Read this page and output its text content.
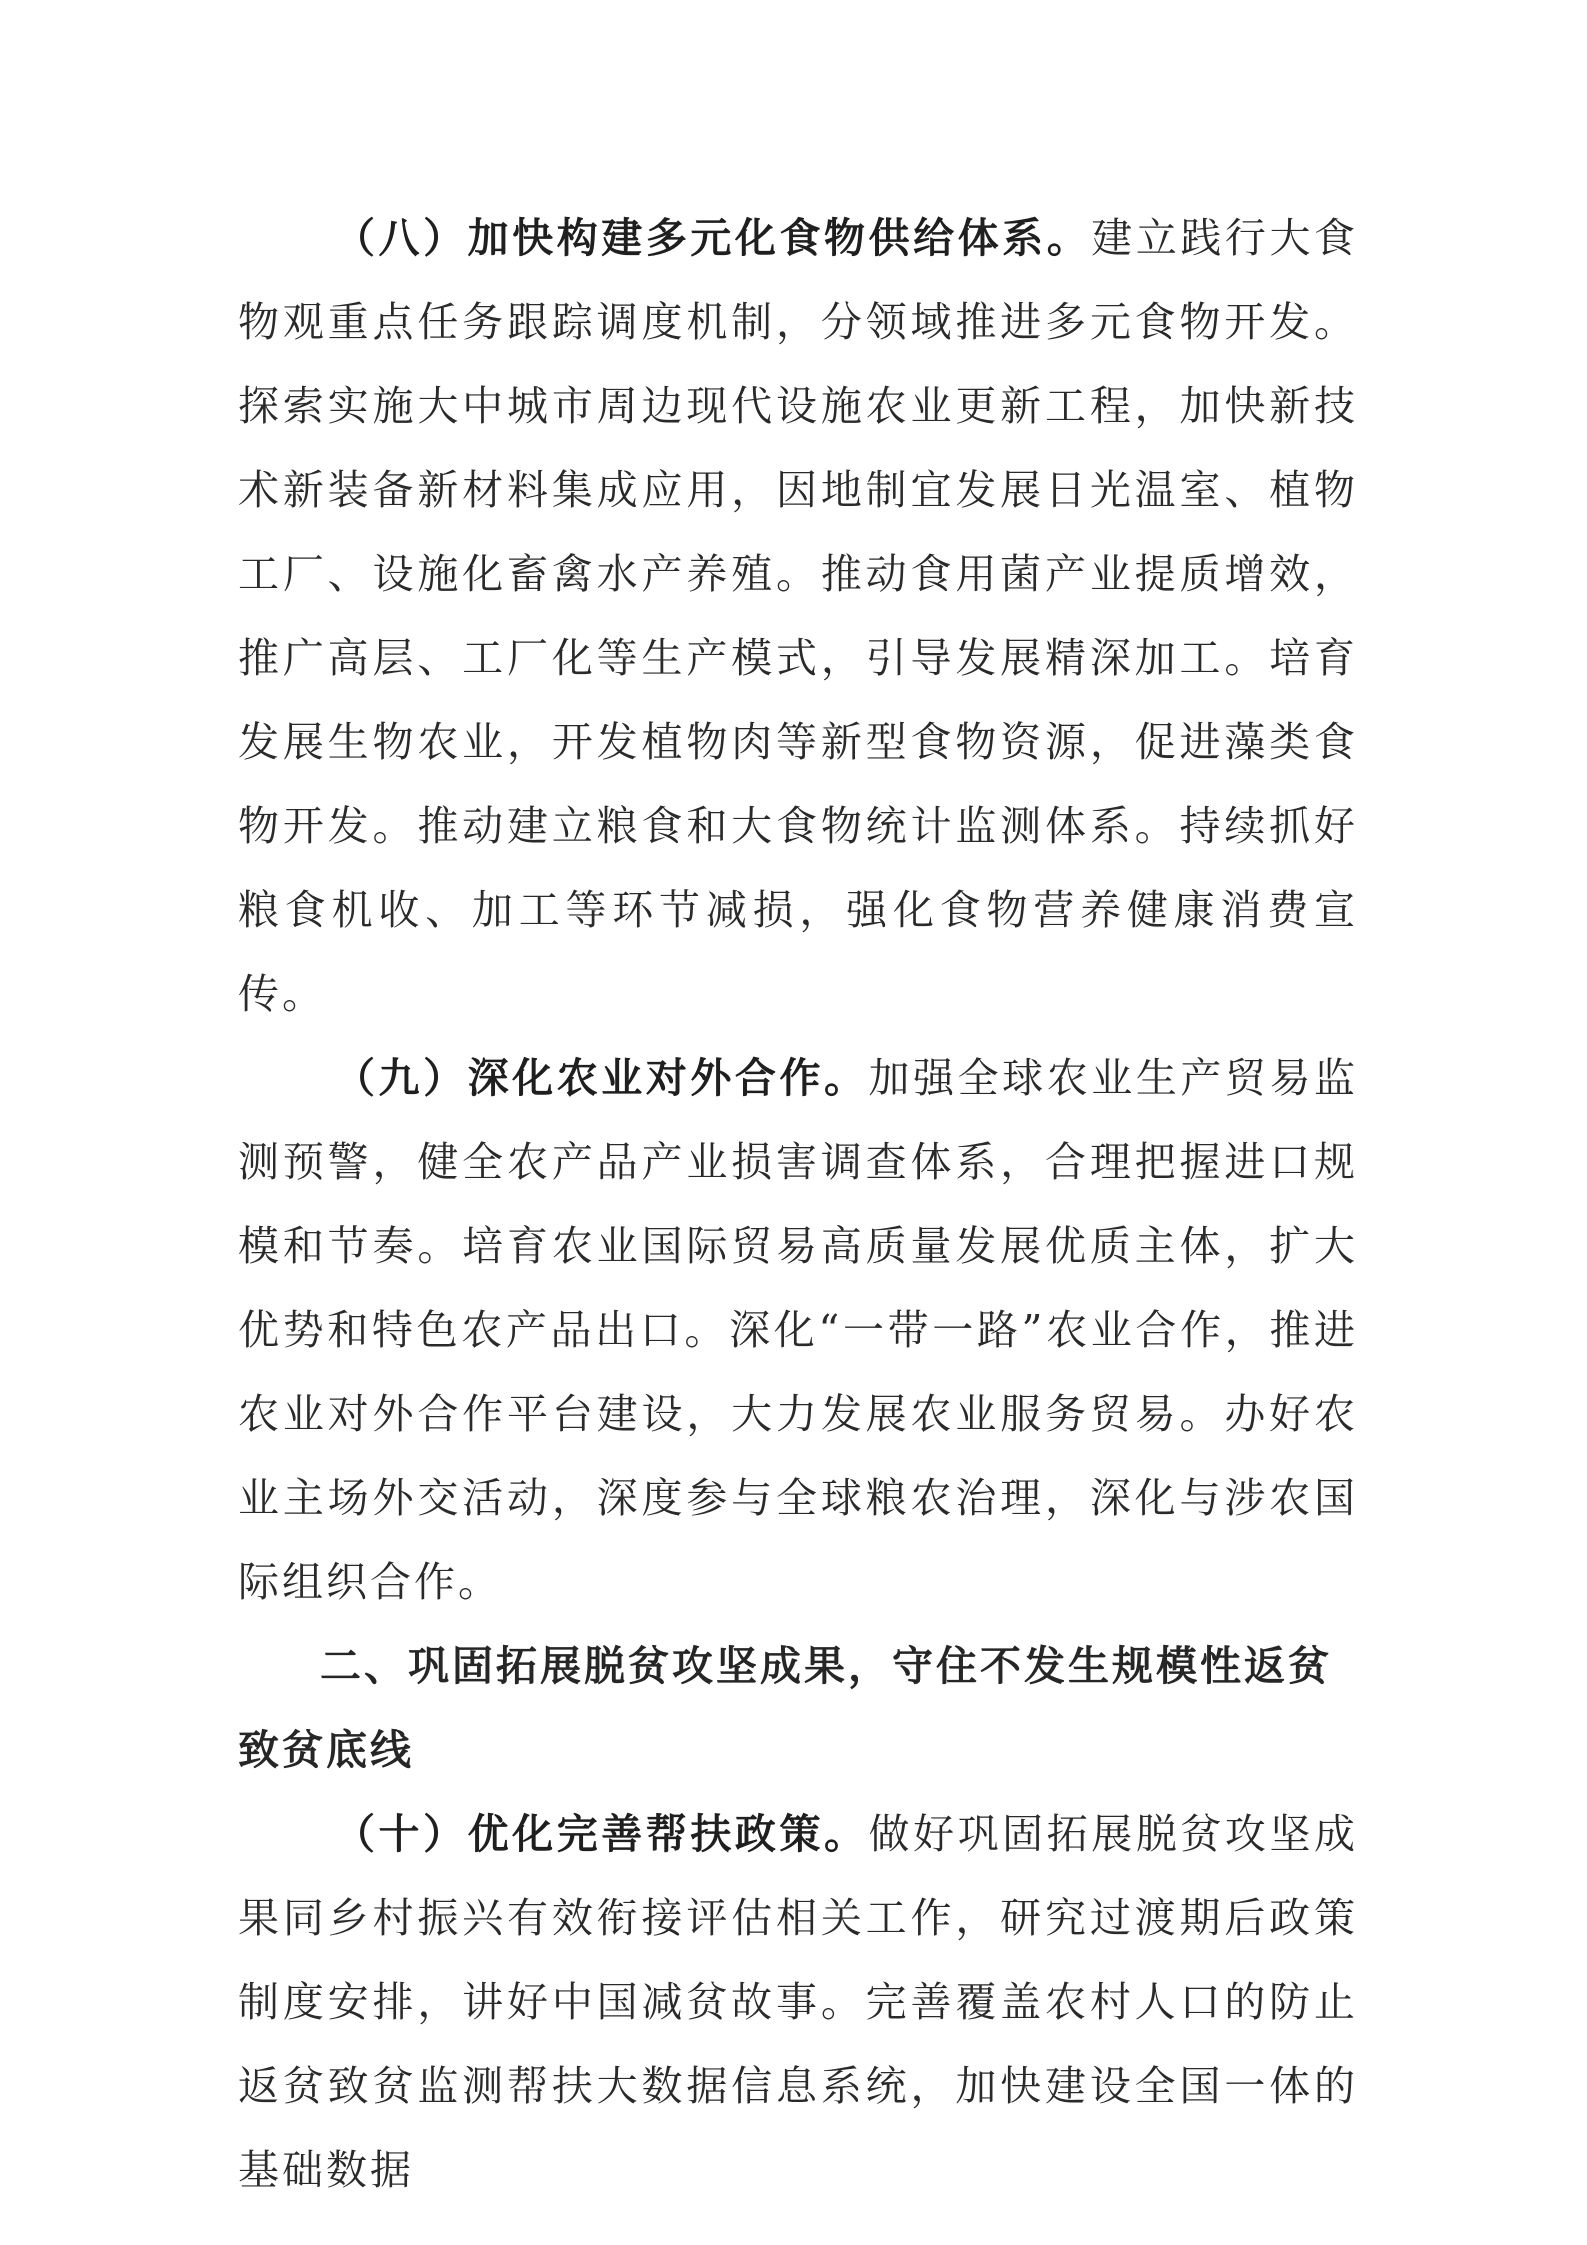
（八）加快构建多元化食物供给体系。建立践行大食物观重点任务跟踪调度机制，分领域推进多元食物开发。探索实施大中城市周边现代设施农业更新工程，加快新技术新装备新材料集成应用，因地制宜发展日光温室、植物工厂、设施化畜禽水产养殖。推动食用菌产业提质增效，推广高层、工厂化等生产模式，引导发展精深加工。培育发展生物农业，开发植物肉等新型食物资源，促进藻类食物开发。推动建立粮食和大食物统计监测体系。持续抓好粮食机收、加工等环节减损，强化食物营养健康消费宣传。

（九）深化农业对外合作。加强全球农业生产贸易监测预警，健全农产品产业损害调查体系，合理把握进口规模和节奏。培育农业国际贸易高质量发展优质主体，扩大优势和特色农产品出口。深化“一带一路”农业合作，推进农业对外合作平台建设，大力发展农业服务贸易。办好农业主场外交活动，深度参与全球粮农治理，深化与涉农国际组织合作。

二、巩固拓展脱贫攻坚成果，守住不发生规模性返贫致贫底线

（十）优化完善帮扶政策。做好巩固拓展脱贫攻坚成果同乡村振兴有效衔接评估相关工作，研究过渡期后政策制度安排，讲好中国减贫故事。完善覆盖农村人口的防止返贫致贫监测帮扶大数据信息系统，加快建设全国一体的基础数据
